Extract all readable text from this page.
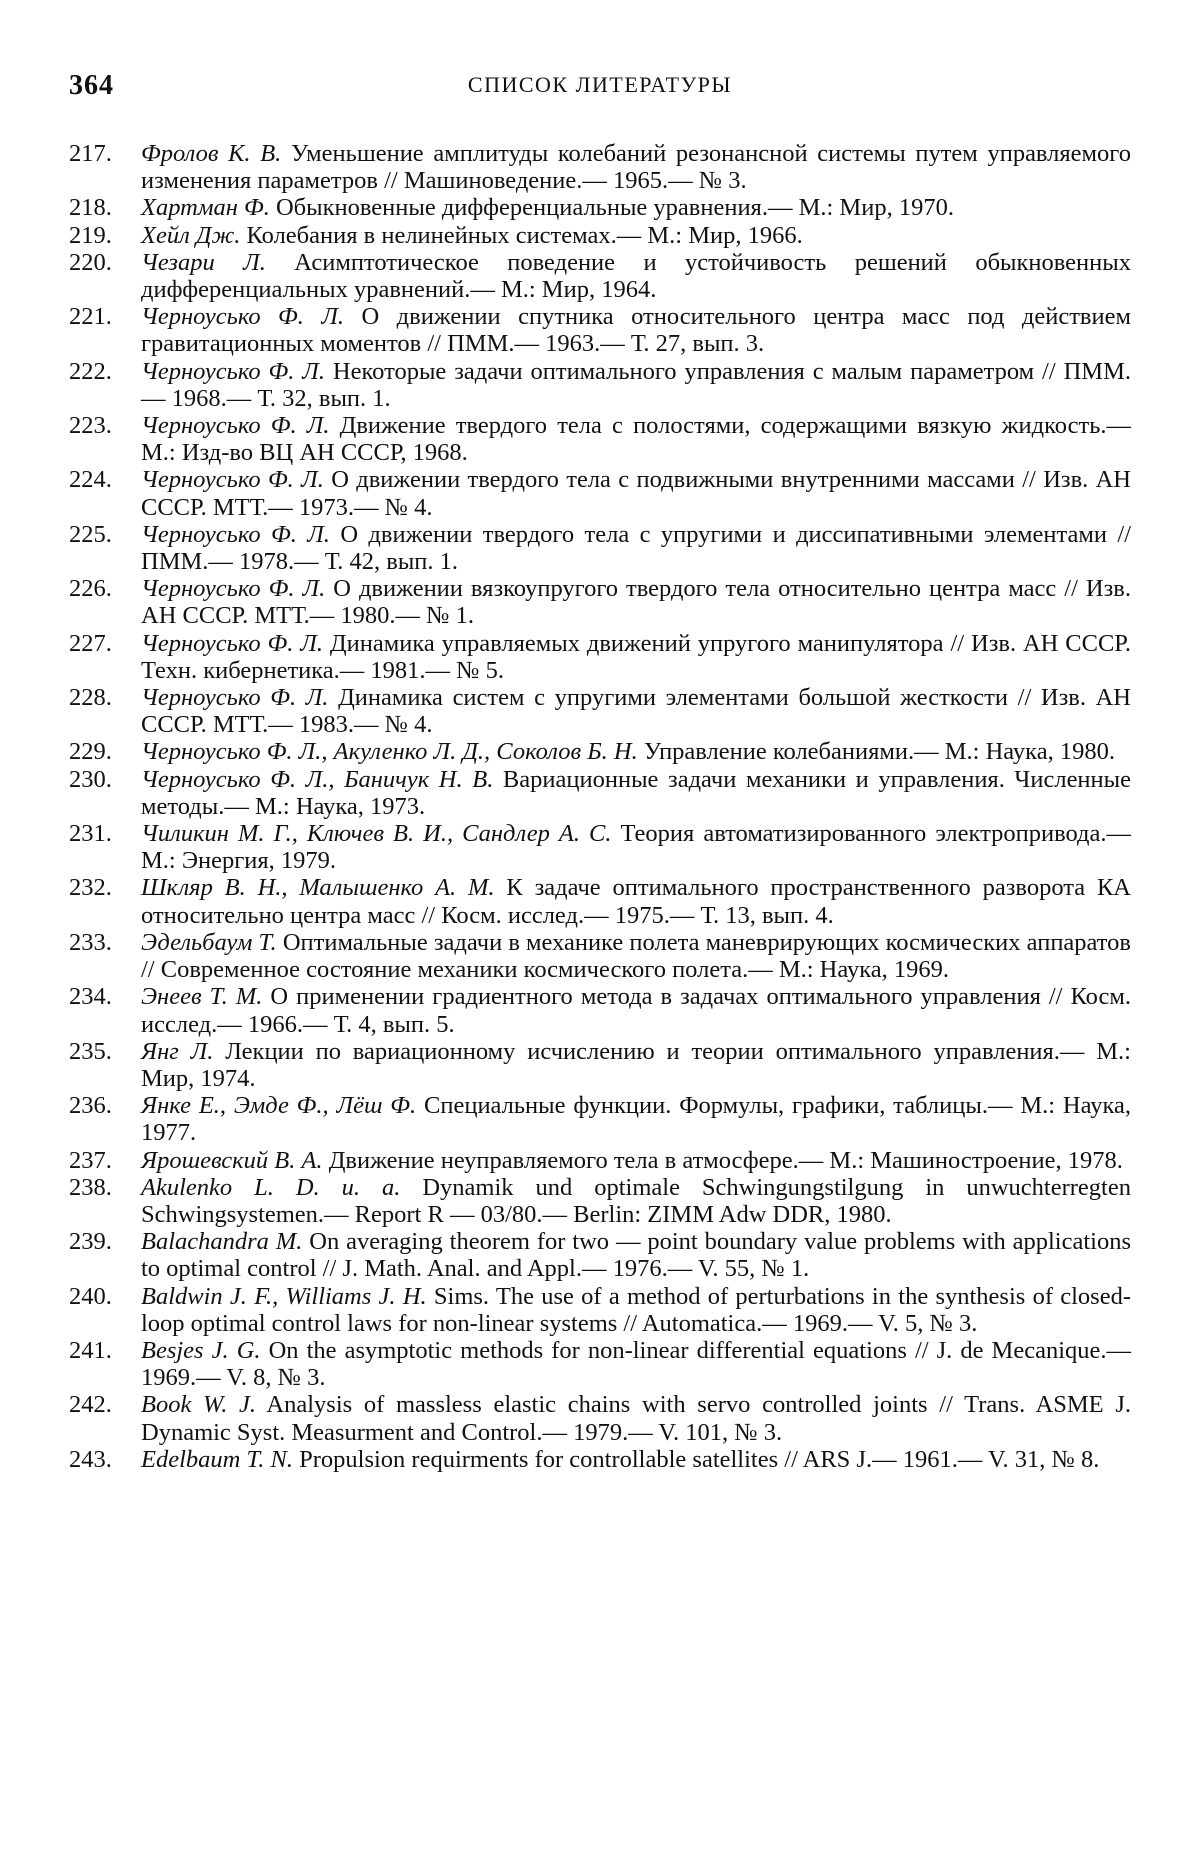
364	СПИСОК ЛИТЕРАТУРЫ
217.	Фролов К. В. Уменьшение амплитуды колебаний резонансной системы путем управляемого изменения параметров // Машиноведение.— 1965.— № 3.
218.	Хартман Ф. Обыкновенные дифференциальные уравнения.— М.: Мир, 1970.
219.	Хейл Дж. Колебания в нелинейных системах.— М.: Мир, 1966.
220.	Чезари Л. Асимптотическое поведение и устойчивость решений обыкновенных дифференциальных уравнений.— М.: Мир, 1964.
221.	Черноусько Ф. Л. О движении спутника относительного центра масс под действием гравитационных моментов // ПММ.— 1963.— Т. 27, вып. 3.
222.	Черноусько Ф. Л. Некоторые задачи оптимального управления с малым параметром // ПММ.— 1968.— Т. 32, вып. 1.
223.	Черноусько Ф. Л. Движение твердого тела с полостями, содержащими вязкую жидкость.— М.: Изд-во ВЦ АН СССР, 1968.
224.	Черноусько Ф. Л. О движении твердого тела с подвижными внутренними массами // Изв. АН СССР. МТТ.— 1973.— № 4.
225.	Черноусько Ф. Л. О движении твердого тела с упругими и диссипативными элементами // ПММ.— 1978.— Т. 42, вып. 1.
226.	Черноусько Ф. Л. О движении вязкоупругого твердого тела относительно центра масс // Изв. АН СССР. МТТ.— 1980.— № 1.
227.	Черноусько Ф. Л. Динамика управляемых движений упругого манипулятора // Изв. АН СССР. Техн. кибернетика.— 1981.— № 5.
228.	Черноусько Ф. Л. Динамика систем с упругими элементами большой жесткости // Изв. АН СССР. МТТ.— 1983.— № 4.
229.	Черноусько Ф. Л., Акуленко Л. Д., Соколов Б. Н. Управление колебаниями.— М.: Наука, 1980.
230.	Черноусько Ф. Л., Баничук Н. В. Вариационные задачи механики и управления. Численные методы.— М.: Наука, 1973.
231.	Чиликин М. Г., Ключев В. И., Сандлер А. С. Теория автоматизированного электропривода.— М.: Энергия, 1979.
232.	Шкляр В. Н., Малышенко А. М. К задаче оптимального пространственного разворота КА относительно центра масс // Косм. исслед.— 1975.— Т. 13, вып. 4.
233.	Эдельбаум Т. Оптимальные задачи в механике полета маневрирующих космических аппаратов // Современное состояние механики космического полета.— М.: Наука, 1969.
234.	Энеев Т. М. О применении градиентного метода в задачах оптимального управления // Косм. исслед.— 1966.— Т. 4, вып. 5.
235.	Янг Л. Лекции по вариационному исчислению и теории оптимального управления.— М.: Мир, 1974.
236.	Янке Е., Эмде Ф., Лёш Ф. Специальные функции. Формулы, графики, таблицы.— М.: Наука, 1977.
237.	Ярошевский В. А. Движение неуправляемого тела в атмосфере.— М.: Машиностроение, 1978.
238.	Akulenko L. D. u. a. Dynamik und optimale Schwingungstilgung in unwuchterregten Schwingsystemen.— Report R — 03/80.— Berlin: ZIMM Adw DDR, 1980.
239.	Balachandra M. On averaging theorem for two — point boundary value problems with applications to optimal control // J. Math. Anal. and Appl.— 1976.— V. 55, № 1.
240.	Baldwin J. F., Williams J. H. Sims. The use of a method of perturbations in the synthesis of closed-loop optimal control laws for non-linear systems // Automatica.— 1969.— V. 5, № 3.
241.	Besjes J. G. On the asymptotic methods for non-linear differential equations // J. de Mecanique.— 1969.— V. 8, № 3.
242.	Book W. J. Analysis of massless elastic chains with servo controlled joints // Trans. ASME J. Dynamic Syst. Measurment and Control.— 1979.— V. 101, № 3.
243.	Edelbaum T. N. Propulsion requirments for controllable satellites // ARS J.— 1961.— V. 31, № 8.
